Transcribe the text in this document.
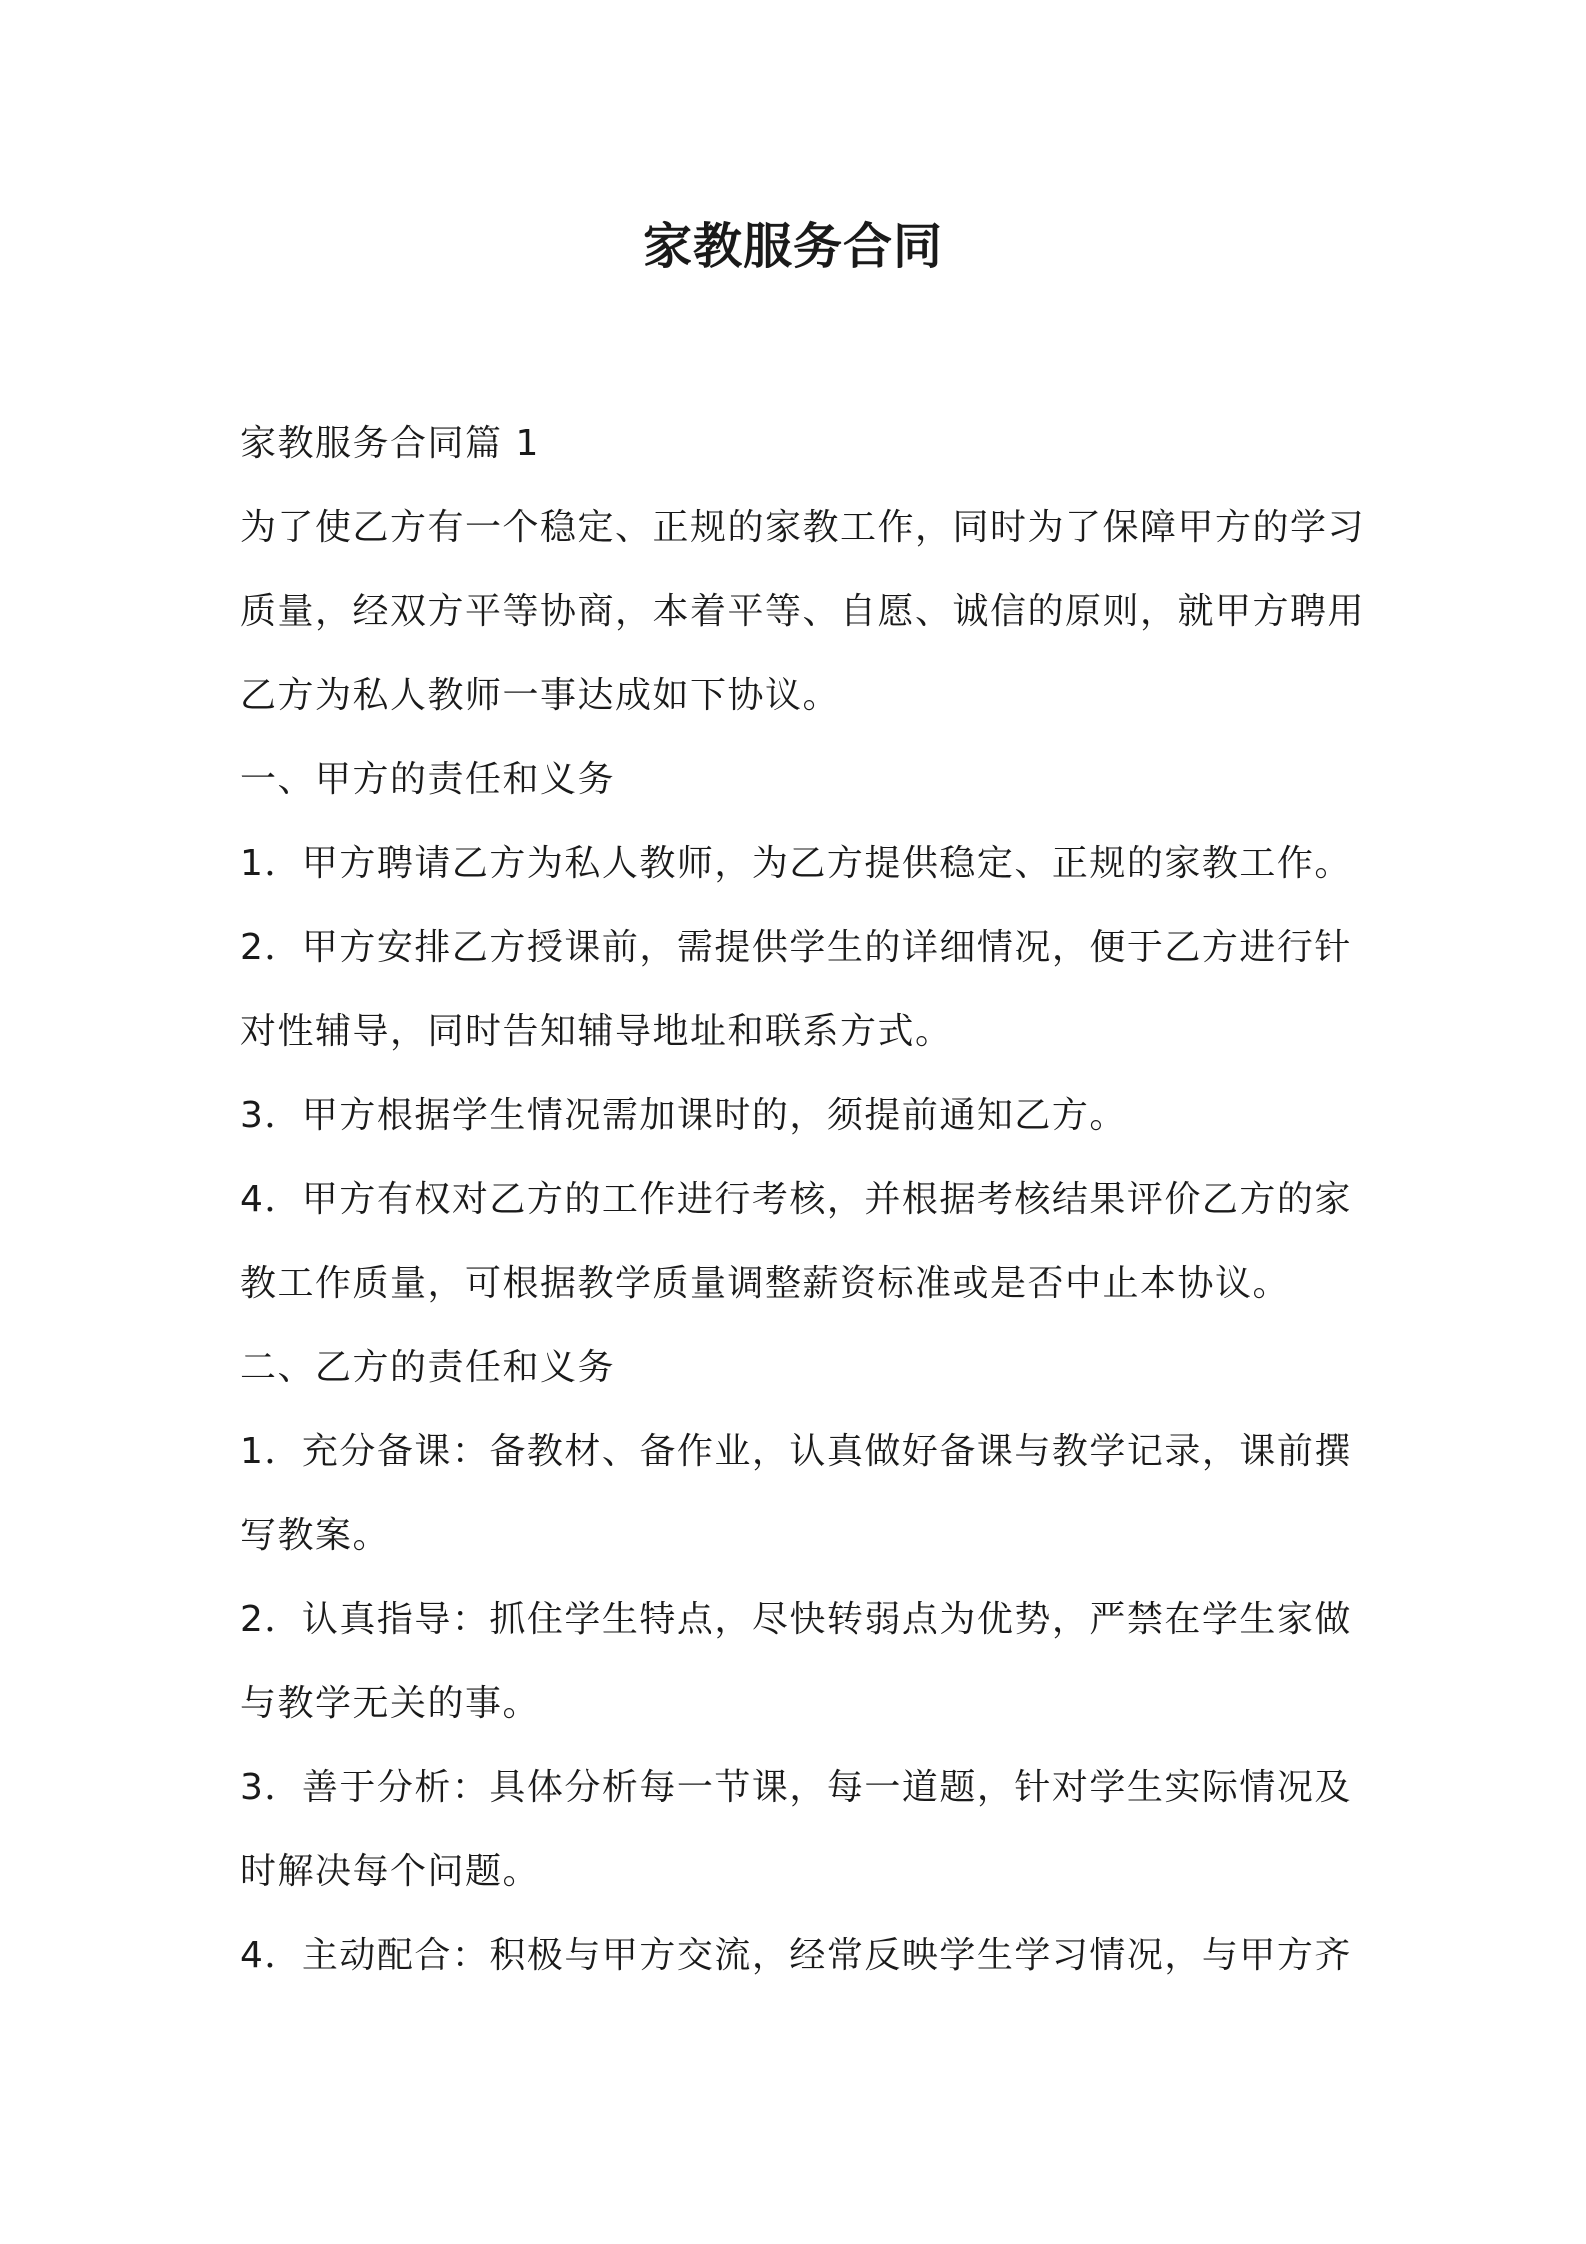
家教服务合同

家教服务合同篇 1

为了使乙方有一个稳定、正规的家教工作，同时为了保障甲方的学习

质量，经双方平等协商，本着平等、自愿、诚信的原则，就甲方聘用

乙方为私人教师一事达成如下协议。

一、甲方的责任和义务

1．甲方聘请乙方为私人教师，为乙方提供稳定、正规的家教工作。

2．甲方安排乙方授课前，需提供学生的详细情况，便于乙方进行针

对性辅导，同时告知辅导地址和联系方式。

3．甲方根据学生情况需加课时的，须提前通知乙方。

4．甲方有权对乙方的工作进行考核，并根据考核结果评价乙方的家

教工作质量，可根据教学质量调整薪资标准或是否中止本协议。

二、乙方的责任和义务

1．充分备课：备教材、备作业，认真做好备课与教学记录，课前撰

写教案。

2．认真指导：抓住学生特点，尽快转弱点为优势，严禁在学生家做

与教学无关的事。

3．善于分析：具体分析每一节课，每一道题，针对学生实际情况及

时解决每个问题。

4．主动配合：积极与甲方交流，经常反映学生学习情况，与甲方齐
